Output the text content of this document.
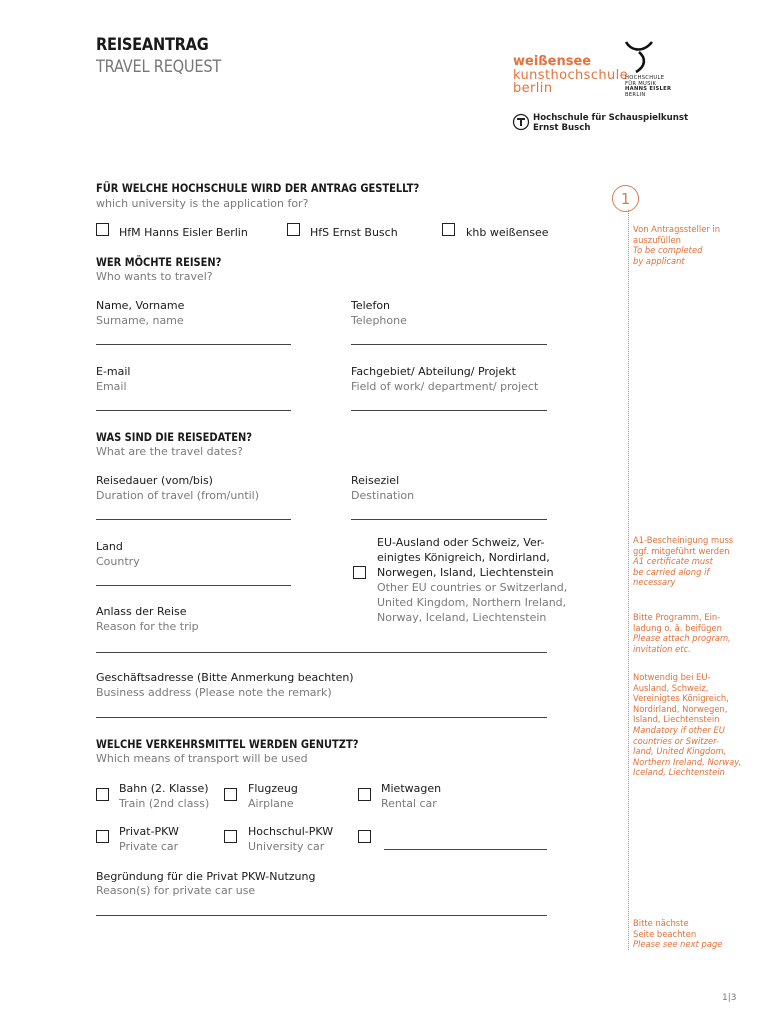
REISEANTRAG
TRAVEL REQUEST	weißensee
kunsthochschule
berlin
HOCHSCHULE
FÜR MUSIK
HANNS EISLER
BERLIN
Hochschule für Schauspielkunst
Ernst Busch
1
Von Antragssteller in
auszufüllen
To be completed
by applicant
A1-Bescheinigung muss
ggf. mitgeführt werden
A1 certificate must
be carried along if
necessary
Bitte Programm, Ein-
ladung o. ä. beifügen
Please attach program,
invitation etc.
Notwendig bei EU-
Ausland, Schweiz,
Vereinigtes Königreich,
Nordirland, Norwegen,
Island, Liechtenstein
Mandatory if other EU
countries or Switzer-
land, United Kingdom,
Northern Ireland, Norway,
Iceland, Liechtenstein
Bitte nächste
Seite beachten
Please see next page
FÜR WELCHE HOCHSCHULE WIRD DER ANTRAG GESTELLT?
which university is the application for?
HfM Hanns Eisler Berlin	HfS Ernst Busch	khb weißensee
WER MÖCHTE REISEN?
Who wants to travel?
Name, Vorname
Surname, name
Telefon
Telephone
E-mail
Email
Fachgebiet/ Abteilung/ Projekt
Field of work/ department/ project
WAS SIND DIE REISEDATEN?
What are the travel dates?
Reisedauer (vom/bis)
Duration of travel (from/until)
Reiseziel
Destination
Land
Country
EU-Ausland oder Schweiz, Ver-
einigtes Königreich, Nordirland,
Norwegen, Island, Liechtenstein
Other EU countries or Switzerland,
United Kingdom, Northern Ireland,
Norway, Iceland, Liechtenstein
Anlass der Reise
Reason for the trip
Geschäftsadresse (Bitte Anmerkung beachten)
Business address (Please note the remark)
WELCHE VERKEHRSMITTEL WERDEN GENUTZT?
Which means of transport will be used
Bahn (2. Klasse)
Train (2nd class)
Flugzeug
Airplane
Mietwagen
Rental car
Privat-PKW
Private car
Hochschul-PKW
University car
Begründung für die Privat PKW-Nutzung
Reason(s) for private car use
1|3
